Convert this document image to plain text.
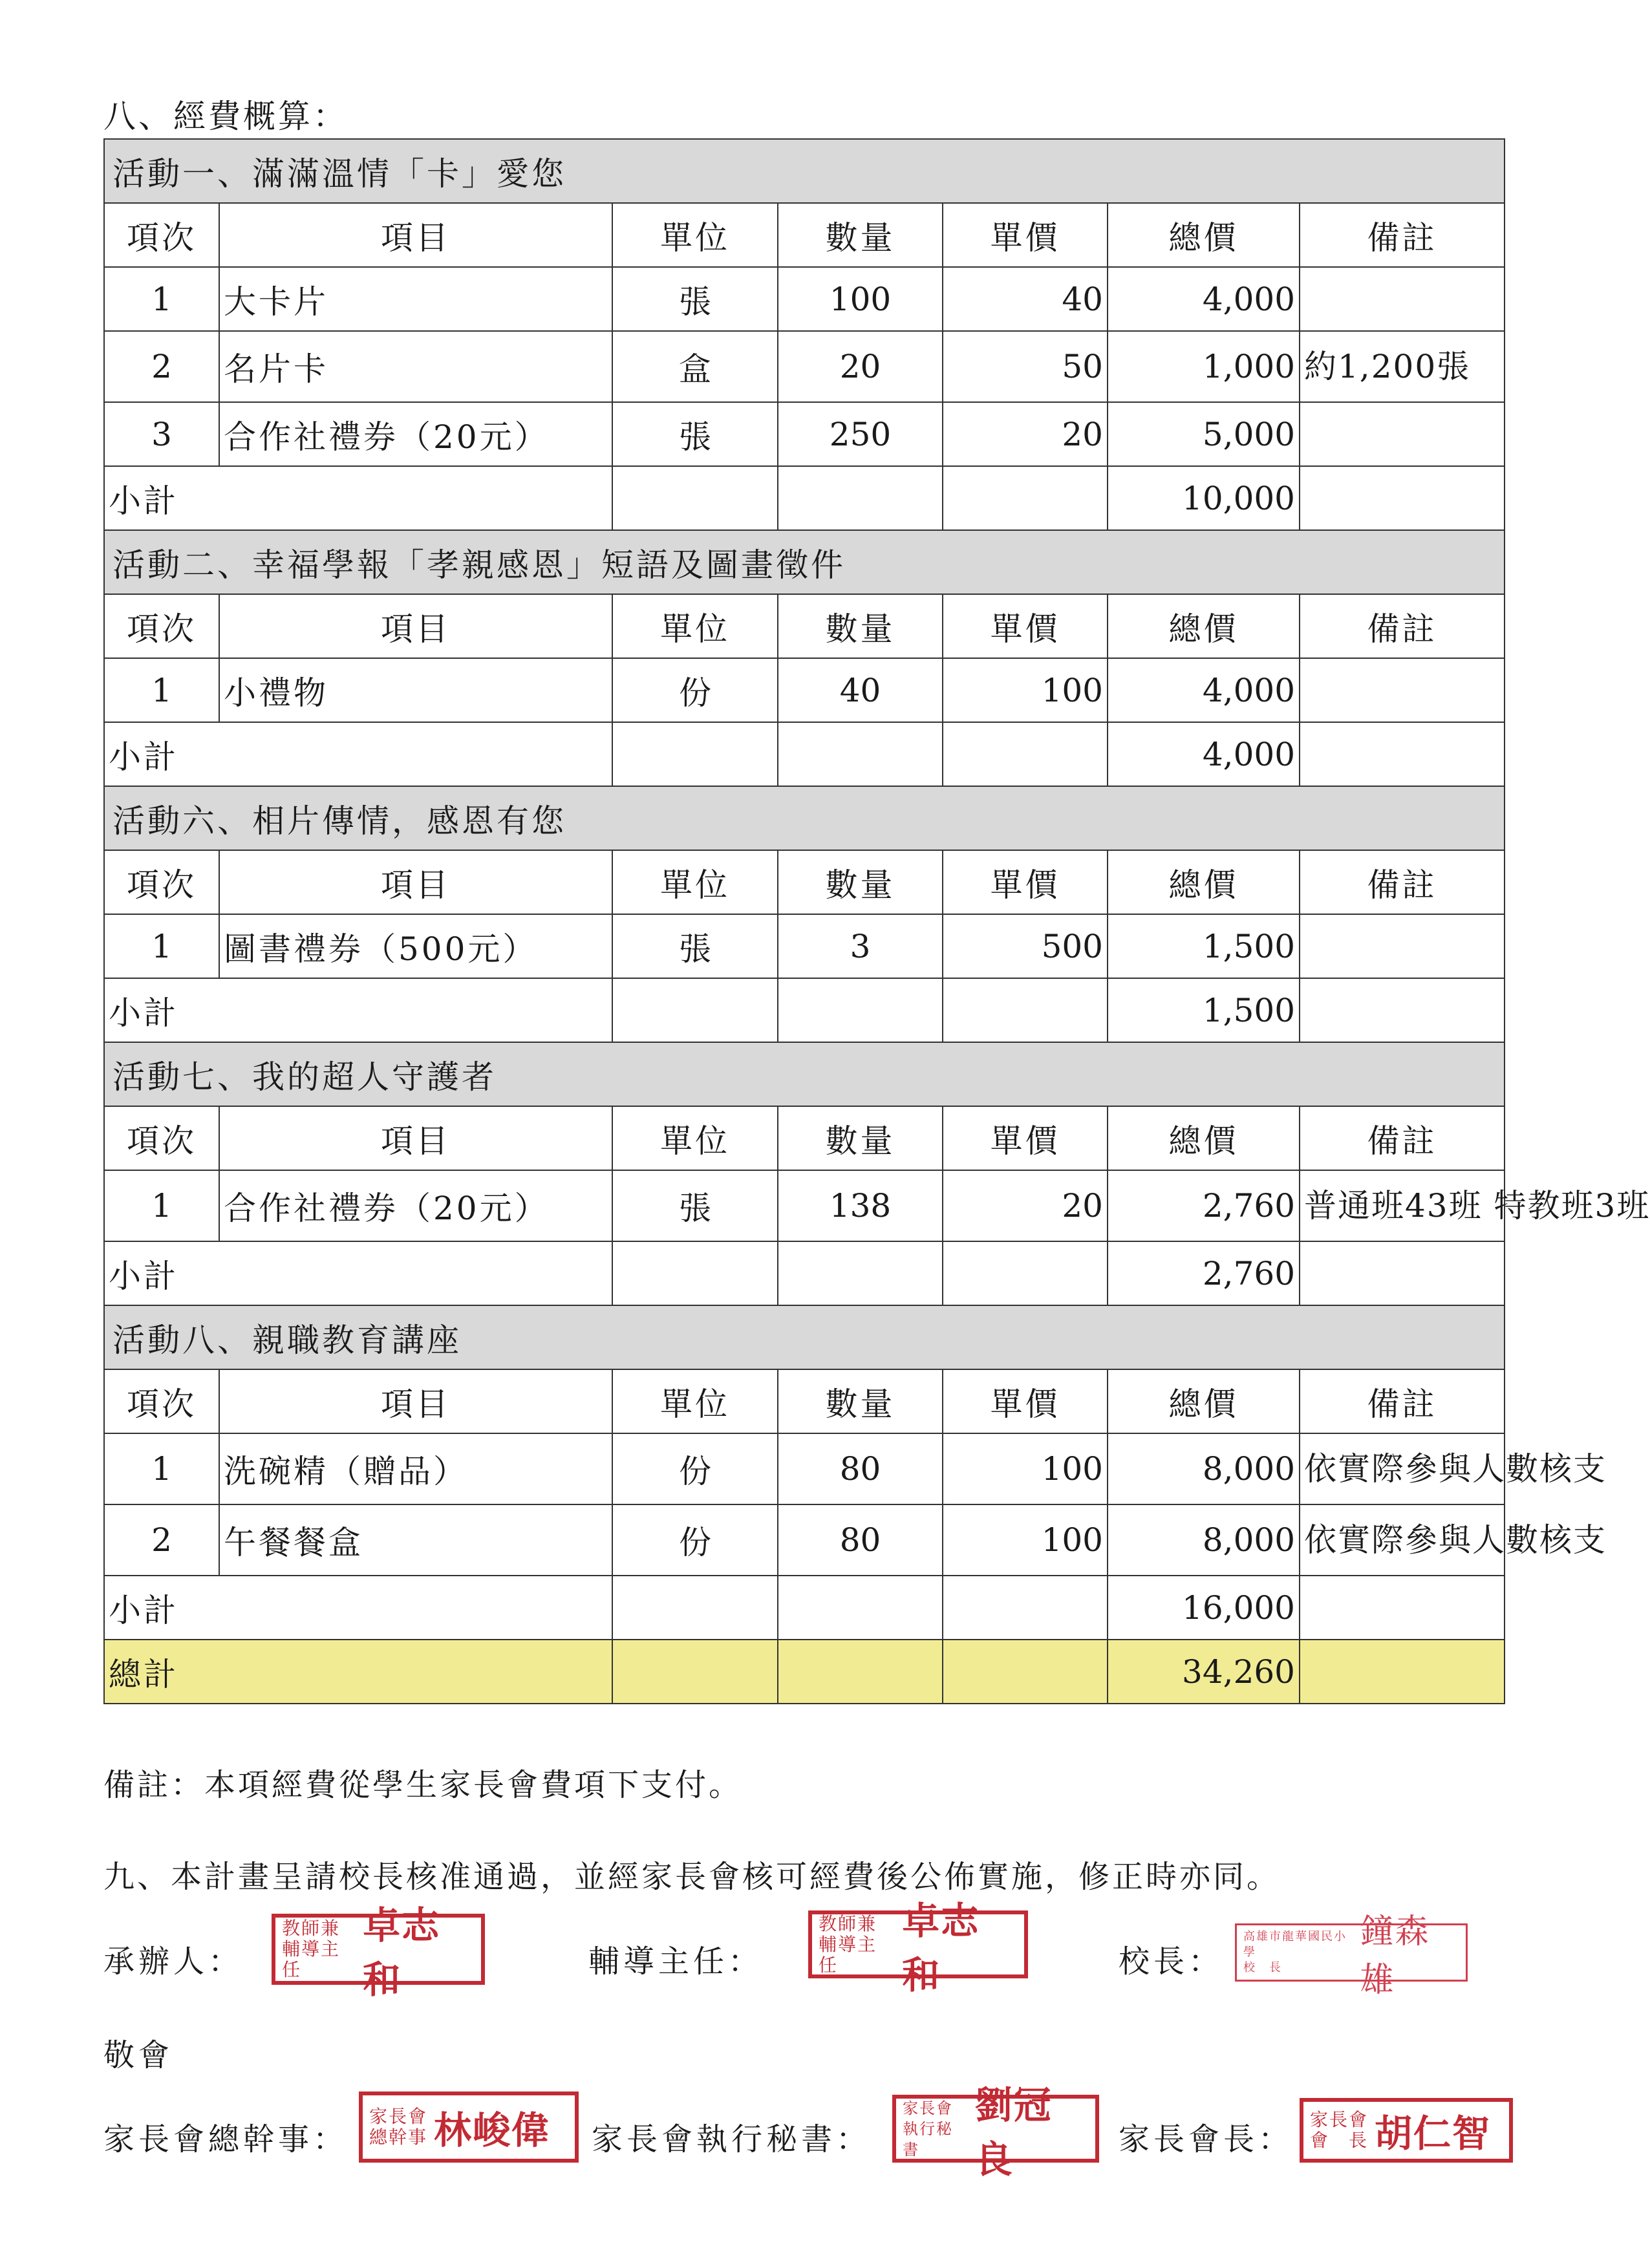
八、經費概算：
活動一、滿滿溫情「卡」愛您						
項次	項目	單位	數量	單價	總價	備註
1	大卡片	張	100	40	4,000	
2	名片卡	盒	20	50	1,000	約1,200張
3	合作社禮券（20元）	張	250	20	5,000	
小計					10,000	
活動二、幸福學報「孝親感恩」短語及圖畫徵件						
項次	項目	單位	數量	單價	總價	備註
1	小禮物	份	40	100	4,000	
小計					4,000	
活動六、相片傳情，感恩有您						
項次	項目	單位	數量	單價	總價	備註
1	圖書禮券（500元）	張	3	500	1,500	
小計					1,500	
活動七、我的超人守護者						
項次	項目	單位	數量	單價	總價	備註
1	合作社禮券（20元）	張	138	20	2,760	普通班43班 特教班3班
小計					2,760	
活動八、親職教育講座						
項次	項目	單位	數量	單價	總價	備註
1	洗碗精（贈品）	份	80	100	8,000	依實際參與人數核支
2	午餐餐盒	份	80	100	8,000	依實際參與人數核支
小計					16,000	
總計					34,260	
備註：本項經費從學生家長會費項下支付。
九、本計畫呈請校長核准通過，並經家長會核可經費後公佈實施，修正時亦同。
承辦人：
教師兼
輔導主任
卓志和	輔導主任：
教師兼
輔導主任
卓志和	校長：
高雄市龍華國民小學
校　長
鐘森雄
敬會
家長會總幹事：
家長會
總幹事 林峻偉 家長會執行秘書：
家長會
執行秘書
劉冠良	家長會長：
家長會
會　長 胡仁智
